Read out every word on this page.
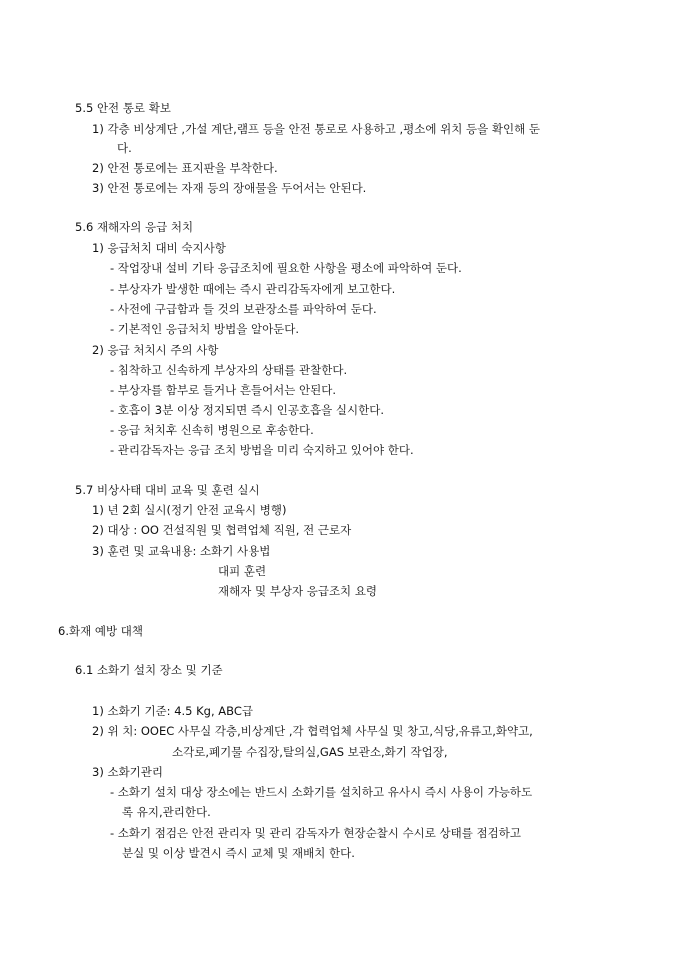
5.5 안전 통로 확보
1) 각층 비상계단 ,가설 계단,램프 등을 안전 통로로 사용하고 ,평소에 위치 등을 확인해 둔
다.
2) 안전 통로에는 표지판을 부착한다.
3) 안전 통로에는 자재 등의 장애물을 두어서는 안된다.
5.6 재해자의 응급 처치
1) 응급처치 대비 숙지사항
- 작업장내 설비 기타 응급조치에 필요한 사항을 평소에 파악하여 둔다.
- 부상자가 발생한 때에는 즉시 관리감독자에게 보고한다.
- 사전에 구급함과 들 것의 보관장소를 파악하여 둔다.
- 기본적인 응급처치 방법을 알아둔다.
2) 응급 처치시 주의 사항
- 침착하고 신속하게 부상자의 상태를 관찰한다.
- 부상자를 함부로 들거나 흔들어서는 안된다.
- 호흡이 3분 이상 정지되면 즉시 인공호흡을 실시한다.
- 응급 처치후 신속히 병원으로 후송한다.
- 관리감독자는 응급 조치 방법을 미리 숙지하고 있어야 한다.
5.7 비상사태 대비 교육 및 훈련 실시
1) 년 2회 실시(정기 안전 교육시 병행)
2) 대상 : OO 건설직원 및 협력업체 직원, 전 근로자
3) 훈련 및 교육내용: 소화기 사용법
대피 훈련
재해자 및 부상자 응급조치 요령
6.화재 예방 대책
6.1 소화기 설치 장소 및 기준
1) 소화기 기준: 4.5 Kg, ABC급
2) 위 치: OOEC 사무실 각층,비상계단 ,각 협력업체 사무실 및 창고,식당,유류고,화약고,
소각로,폐기물 수집장,탈의실,GAS 보관소,화기 작업장,
3) 소화기관리
- 소화기 설치 대상 장소에는 반드시 소화기를 설치하고 유사시 즉시 사용이 가능하도
록 유지,관리한다.
- 소화기 점검은 안전 관리자 및 관리 감독자가 현장순찰시 수시로 상태를 점검하고
분실 및 이상 발견시 즉시 교체 및 재배치 한다.
